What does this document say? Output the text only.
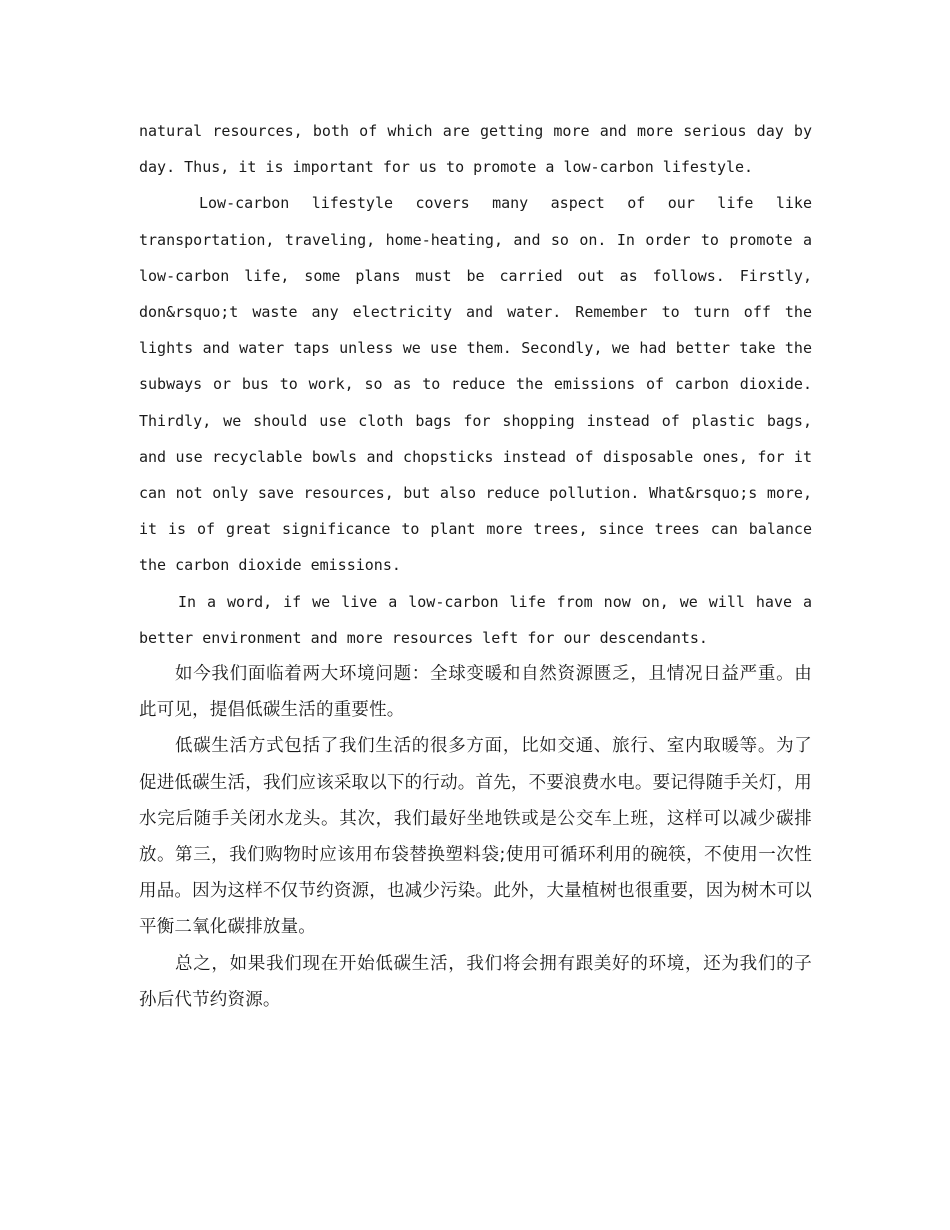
natural resources, both of which are getting more and more serious day by day. Thus, it is important for us to promote a low-carbon lifestyle.

Low-carbon lifestyle covers many aspect of our life like transportation, traveling, home-heating, and so on. In order to promote a low-carbon life, some plans must be carried out as follows. Firstly, don&rsquo;t waste any electricity and water. Remember to turn off the lights and water taps unless we use them. Secondly, we had better take the subways or bus to work, so as to reduce the emissions of carbon dioxide. Thirdly, we should use cloth bags for shopping instead of plastic bags, and use recyclable bowls and chopsticks instead of disposable ones, for it can not only save resources, but also reduce pollution. What&rsquo;s more, it is of great significance to plant more trees, since trees can balance the carbon dioxide emissions.

In a word, if we live a low-carbon life from now on, we will have a better environment and more resources left for our descendants.

如今我们面临着两大环境问题：全球变暖和自然资源匮乏，且情况日益严重。由此可见，提倡低碳生活的重要性。

低碳生活方式包括了我们生活的很多方面，比如交通、旅行、室内取暖等。为了促进低碳生活，我们应该采取以下的行动。首先，不要浪费水电。要记得随手关灯，用水完后随手关闭水龙头。其次，我们最好坐地铁或是公交车上班，这样可以减少碳排放。第三，我们购物时应该用布袋替换塑料袋;使用可循环利用的碗筷，不使用一次性用品。因为这样不仅节约资源，也减少污染。此外，大量植树也很重要，因为树木可以平衡二氧化碳排放量。

总之，如果我们现在开始低碳生活，我们将会拥有跟美好的环境，还为我们的子孙后代节约资源。
